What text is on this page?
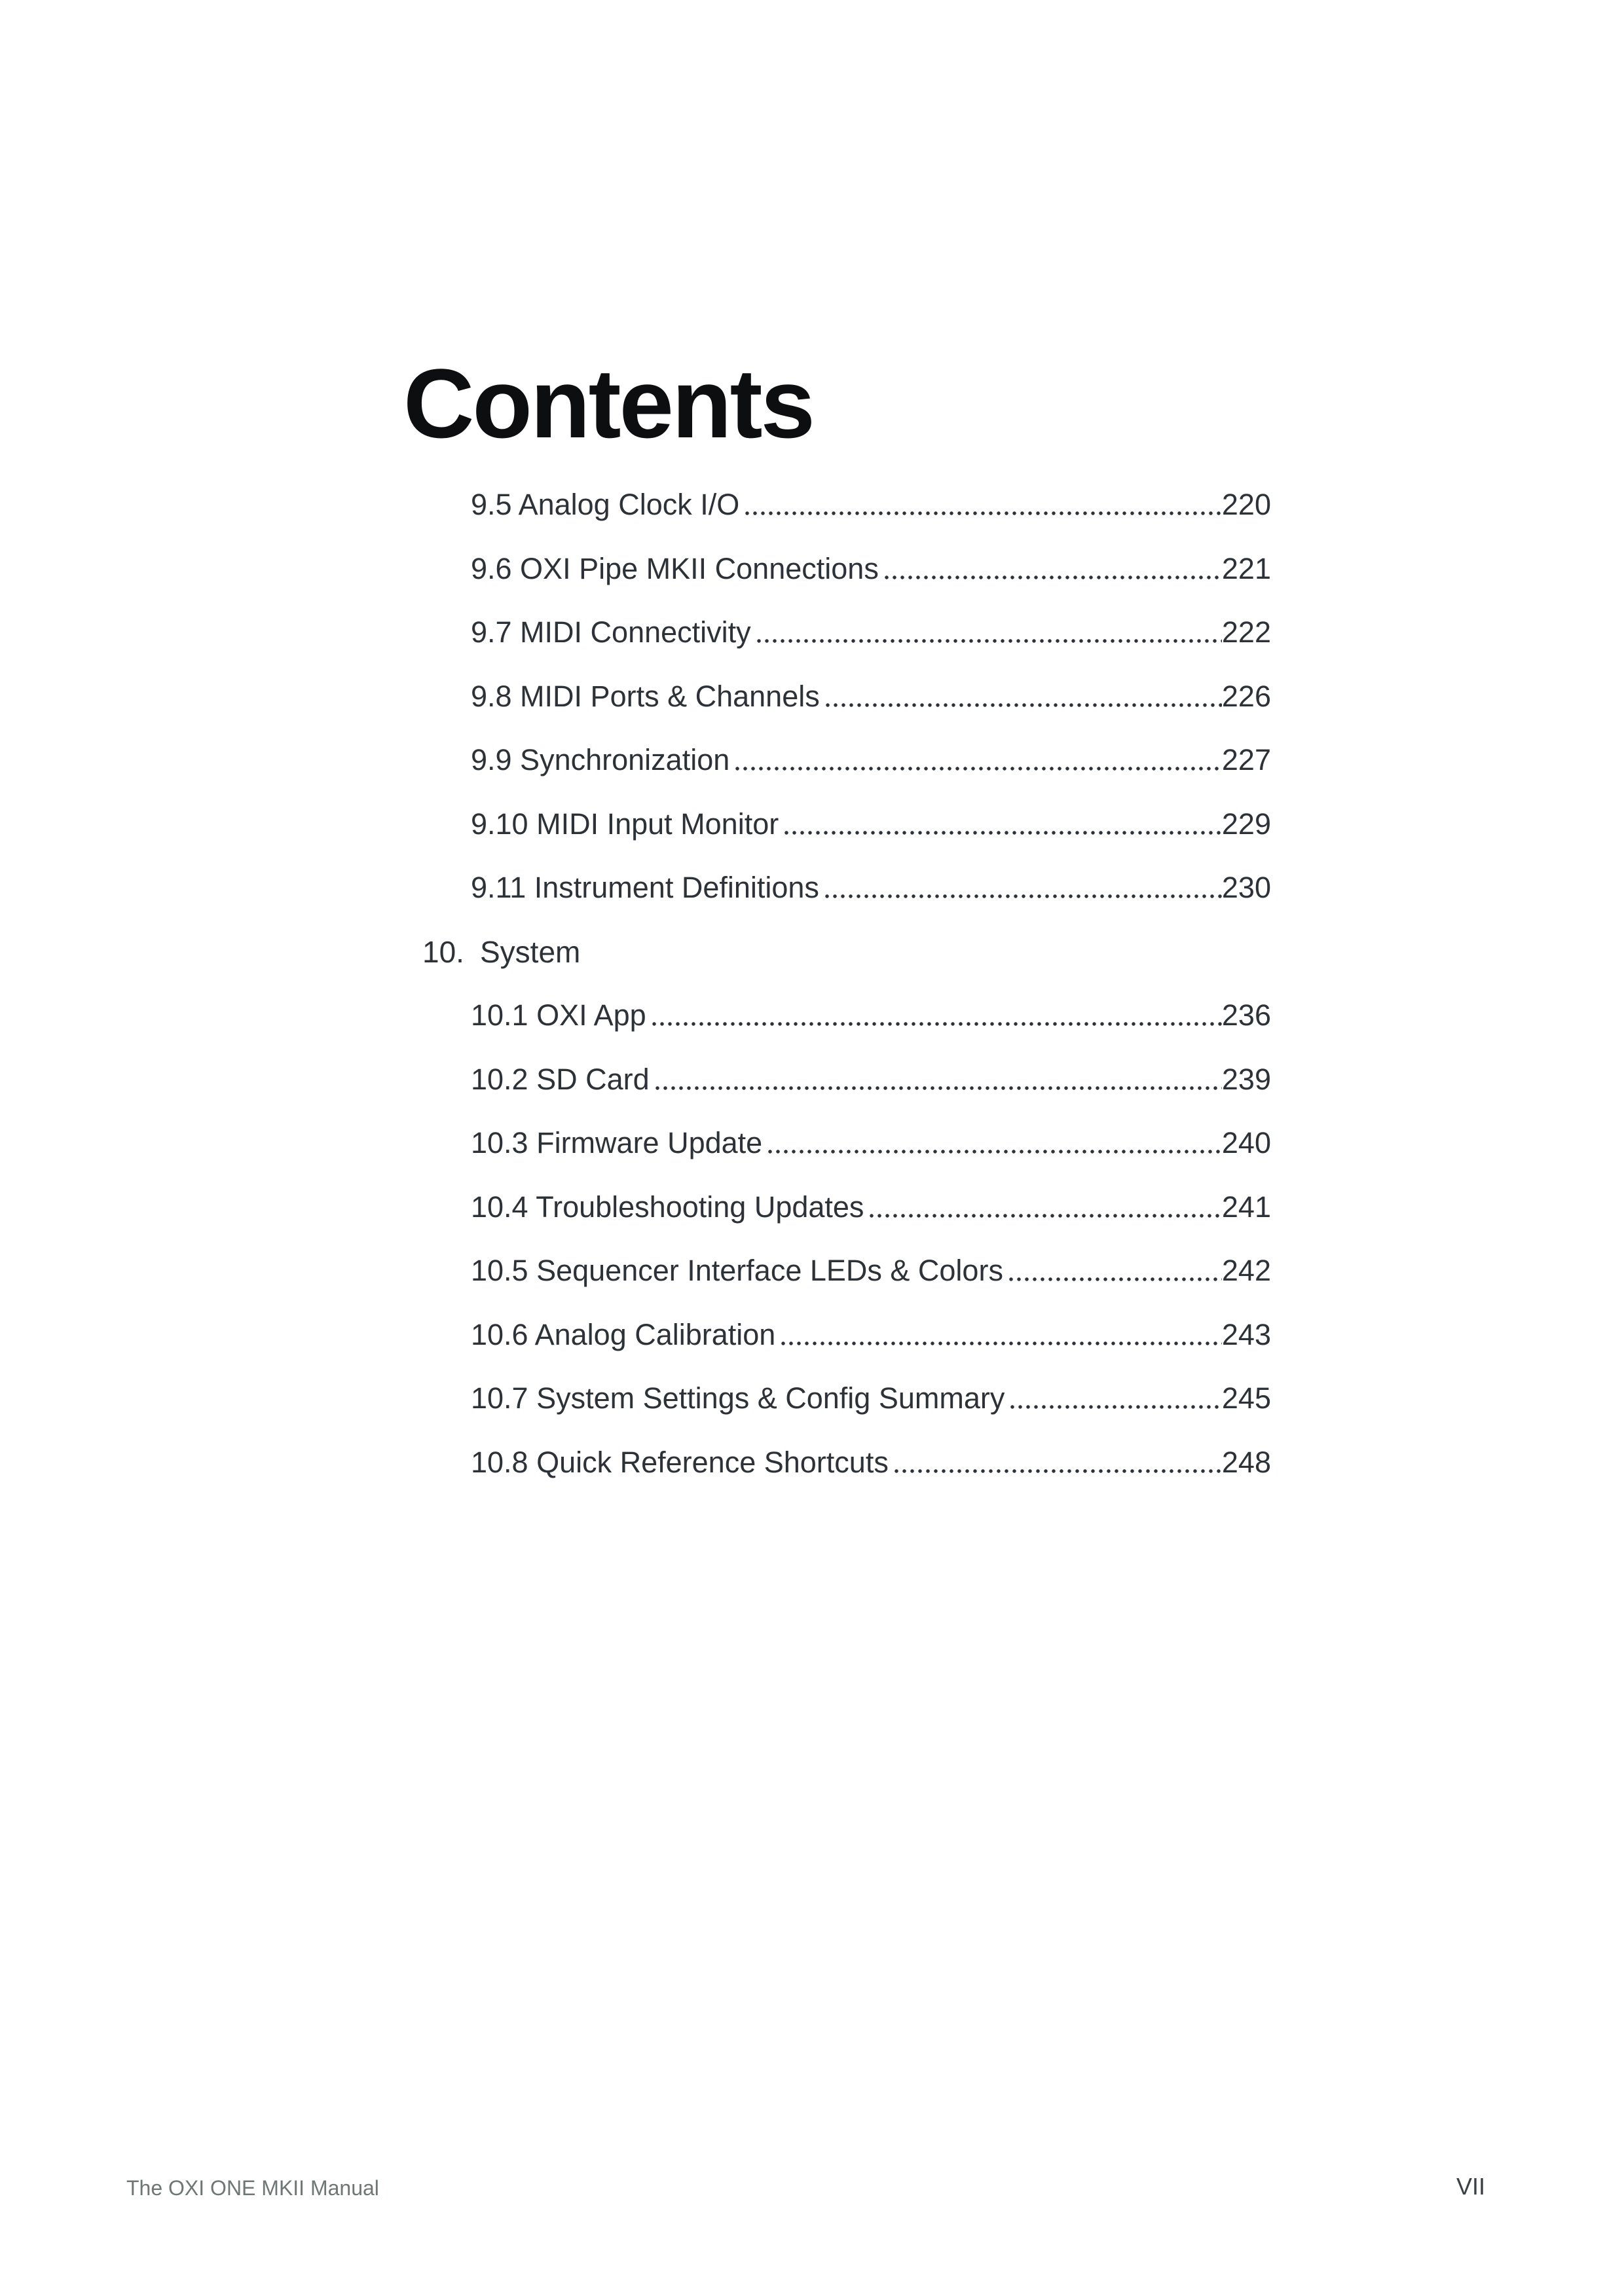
Contents
9.5 Analog Clock I/O	220
9.6 OXI Pipe MKII Connections	221
9.7 MIDI Connectivity	222
9.8 MIDI Ports & Channels	226
9.9 Synchronization	227
9.10 MIDI Input Monitor	229
9.11 Instrument Definitions	230
10. System
10.1 OXI App	236
10.2 SD Card	239
10.3 Firmware Update	240
10.4 Troubleshooting Updates	241
10.5 Sequencer Interface LEDs & Colors	242
10.6 Analog Calibration	243
10.7 System Settings & Config Summary	245
10.8 Quick Reference Shortcuts	248
The OXI ONE MKII Manual	VII
